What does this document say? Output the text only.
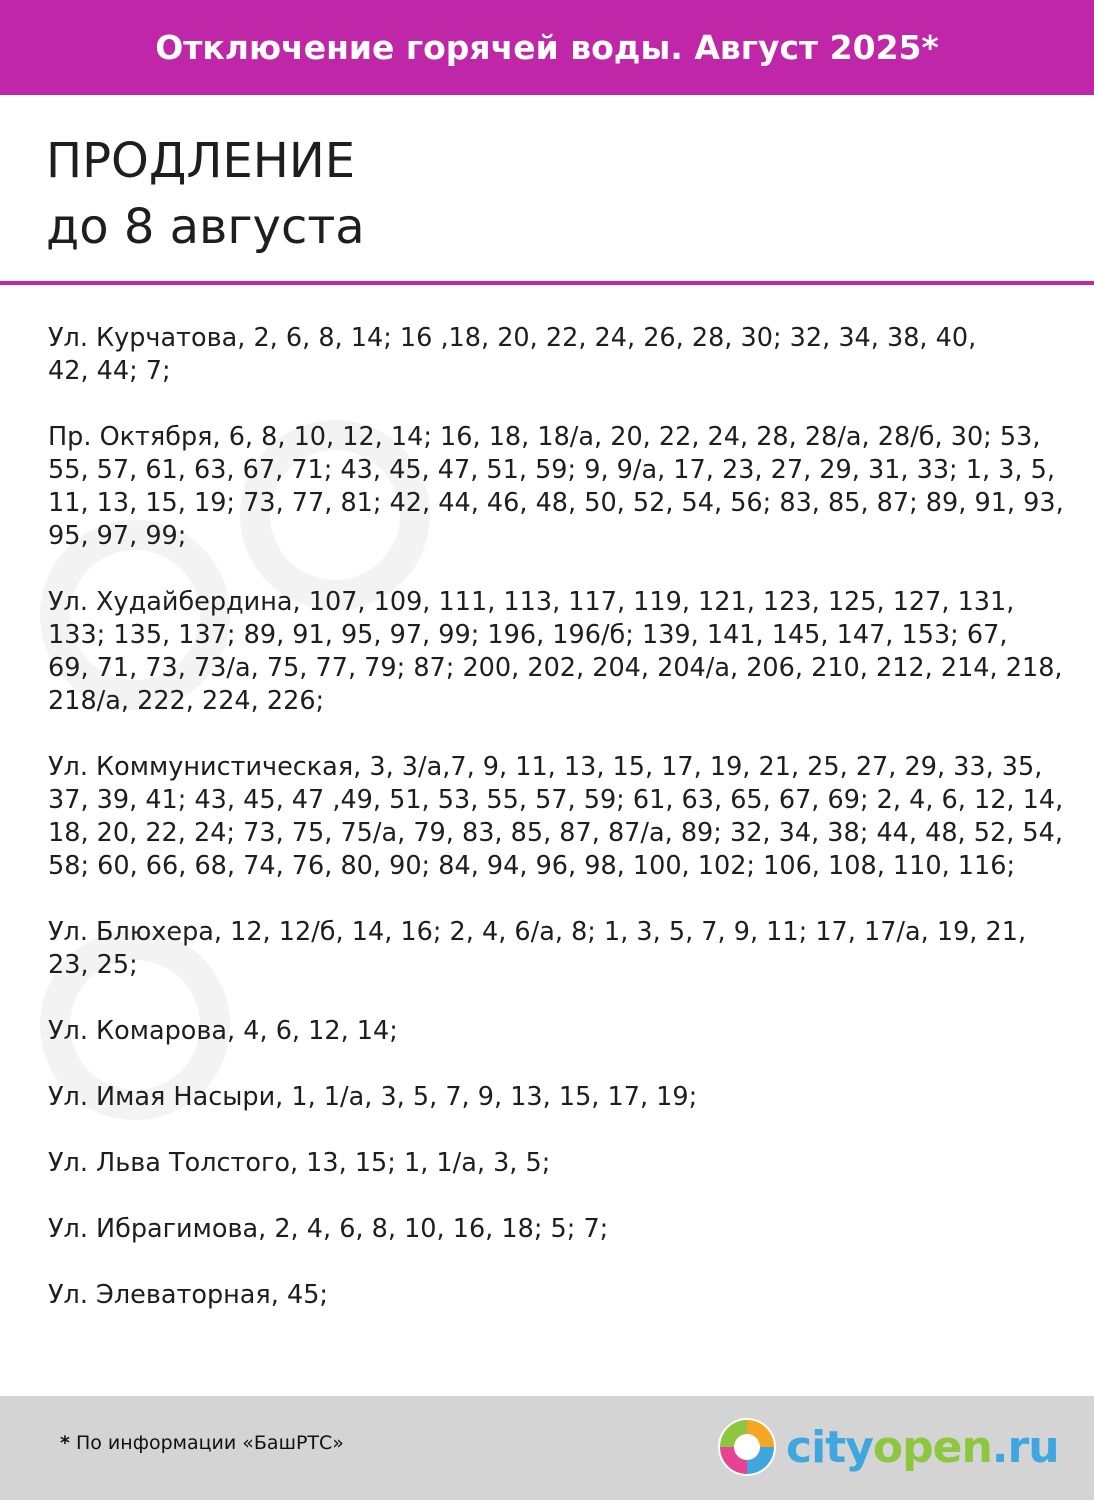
Отключение горячей воды. Август 2025*
ПРОДЛЕНИЕ
до 8 августа
Ул. Курчатова, 2, 6, 8, 14; 16 ,18, 20, 22, 24, 26, 28, 30; 32, 34, 38, 40,
42, 44; 7;
Пр. Октября, 6, 8, 10, 12, 14; 16, 18, 18/а, 20, 22, 24, 28, 28/а, 28/б, 30; 53,
55, 57, 61, 63, 67, 71; 43, 45, 47, 51, 59; 9, 9/а, 17, 23, 27, 29, 31, 33; 1, 3, 5,
11, 13, 15, 19; 73, 77, 81; 42, 44, 46, 48, 50, 52, 54, 56; 83, 85, 87; 89, 91, 93,
95, 97, 99;
Ул. Худайбердина, 107, 109, 111, 113, 117, 119, 121, 123, 125, 127, 131,
133; 135, 137; 89, 91, 95, 97, 99; 196, 196/б; 139, 141, 145, 147, 153; 67,
69, 71, 73, 73/а, 75, 77, 79; 87; 200, 202, 204, 204/а, 206, 210, 212, 214, 218,
218/а, 222, 224, 226;
Ул. Коммунистическая, 3, 3/а,7, 9, 11, 13, 15, 17, 19, 21, 25, 27, 29, 33, 35,
37, 39, 41; 43, 45, 47 ,49, 51, 53, 55, 57, 59; 61, 63, 65, 67, 69; 2, 4, 6, 12, 14,
18, 20, 22, 24; 73, 75, 75/а, 79, 83, 85, 87, 87/а, 89; 32, 34, 38; 44, 48, 52, 54,
58; 60, 66, 68, 74, 76, 80, 90; 84, 94, 96, 98, 100, 102; 106, 108, 110, 116;
Ул. Блюхера, 12, 12/б, 14, 16; 2, 4, 6/а, 8; 1, 3, 5, 7, 9, 11; 17, 17/а, 19, 21,
23, 25;
Ул. Комарова, 4, 6, 12, 14;
Ул. Имая Насыри, 1, 1/а, 3, 5, 7, 9, 13, 15, 17, 19;
Ул. Льва Толстого, 13, 15; 1, 1/а, 3, 5;
Ул. Ибрагимова, 2, 4, 6, 8, 10, 16, 18; 5; 7;
Ул. Элеваторная, 45;
* По информации «БашРТС»	cityopen.ru
